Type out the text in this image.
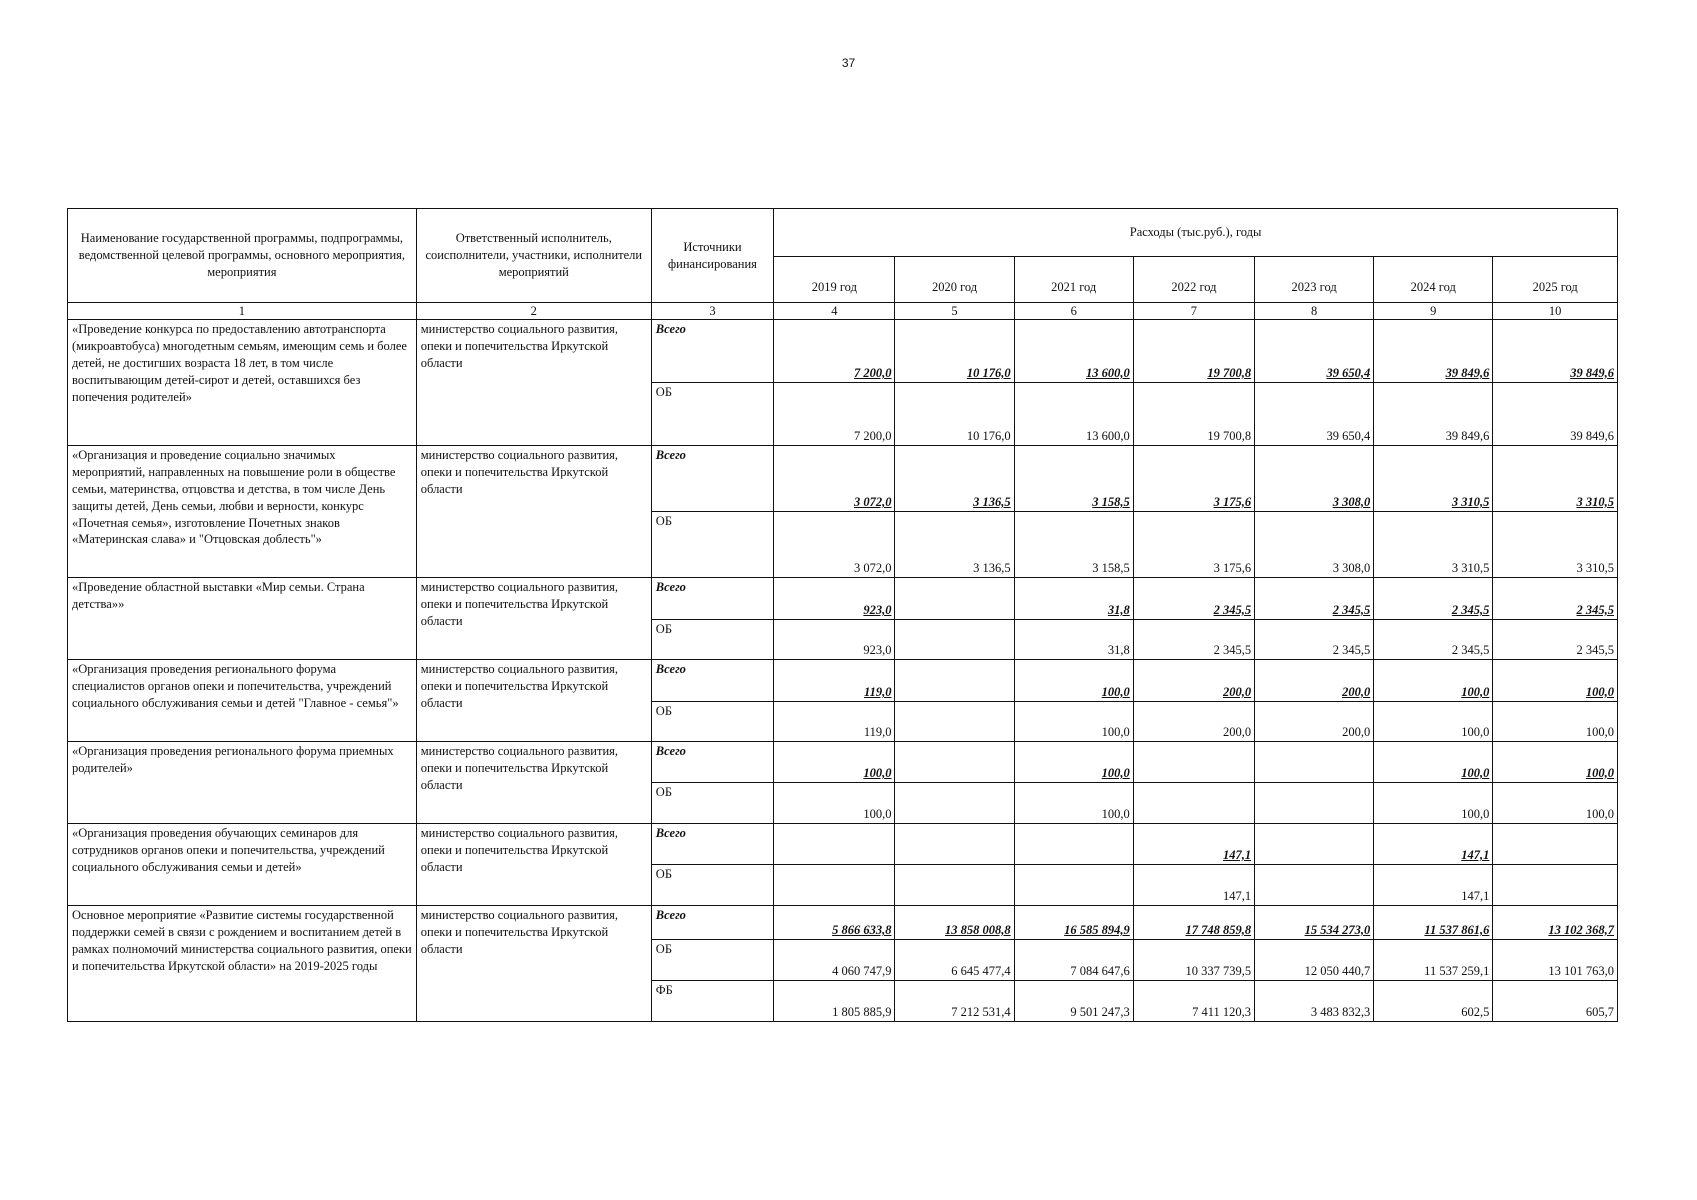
37
Наименование государственной программы, подпрограммы, ведомственной целевой программы, основного мероприятия, мероприятия	Ответственный исполнитель, соисполнители, участники, исполнители мероприятий	Источники финансирования	Расходы (тыс.руб.), годы						
			2019 год	2020 год	2021 год	2022 год	2023 год	2024 год	2025 год
1	2	3	4	5	6	7	8	9	10
«Проведение конкурса по предоставлению автотранспорта (микроавтобуса) многодетным семьям, имеющим семь и более детей, не достигших возраста 18 лет, в том числе воспитывающим детей-сирот и детей, оставшихся без попечения родителей»	министерство социального развития, опеки и попечительства Иркутской области	Всего	7 200,0	10 176,0	13 600,0	19 700,8	39 650,4	39 849,6	39 849,6
		ОБ	7 200,0	10 176,0	13 600,0	19 700,8	39 650,4	39 849,6	39 849,6
«Организация и проведение социально значимых мероприятий, направленных на повышение роли в обществе семьи, материнства, отцовства и детства, в том числе День защиты детей, День семьи, любви и верности, конкурс «Почетная семья», изготовление Почетных знаков «Материнская слава» и "Отцовская доблесть"»	министерство социального развития, опеки и попечительства Иркутской области	Всего	3 072,0	3 136,5	3 158,5	3 175,6	3 308,0	3 310,5	3 310,5
		ОБ	3 072,0	3 136,5	3 158,5	3 175,6	3 308,0	3 310,5	3 310,5
«Проведение областной выставки «Мир семьи. Страна детства»»	министерство социального развития, опеки и попечительства Иркутской области	Всего	923,0		31,8	2 345,5	2 345,5	2 345,5	2 345,5
		ОБ	923,0		31,8	2 345,5	2 345,5	2 345,5	2 345,5
«Организация проведения регионального форума специалистов органов опеки и попечительства, учреждений социального обслуживания семьи и детей "Главное - семья"»	министерство социального развития, опеки и попечительства Иркутской области	Всего	119,0		100,0	200,0	200,0	100,0	100,0
		ОБ	119,0		100,0	200,0	200,0	100,0	100,0
«Организация проведения регионального форума приемных родителей»	министерство социального развития, опеки и попечительства Иркутской области	Всего	100,0		100,0			100,0	100,0
		ОБ	100,0		100,0			100,0	100,0
«Организация проведения обучающих семинаров для сотрудников органов опеки и попечительства, учреждений социального обслуживания семьи и детей»	министерство социального развития, опеки и попечительства Иркутской области	Всего				147,1		147,1	
		ОБ				147,1		147,1	
Основное мероприятие «Развитие системы государственной поддержки семей в связи с рождением и воспитанием детей в рамках полномочий министерства социального развития, опеки и попечительства Иркутской области» на 2019-2025 годы	министерство социального развития, опеки и попечительства Иркутской области	Всего	5 866 633,8	13 858 008,8	16 585 894,9	17 748 859,8	15 534 273,0	11 537 861,6	13 102 368,7
		ОБ	4 060 747,9	6 645 477,4	7 084 647,6	10 337 739,5	12 050 440,7	11 537 259,1	13 101 763,0
		ФБ	1 805 885,9	7 212 531,4	9 501 247,3	7 411 120,3	3 483 832,3	602,5	605,7
